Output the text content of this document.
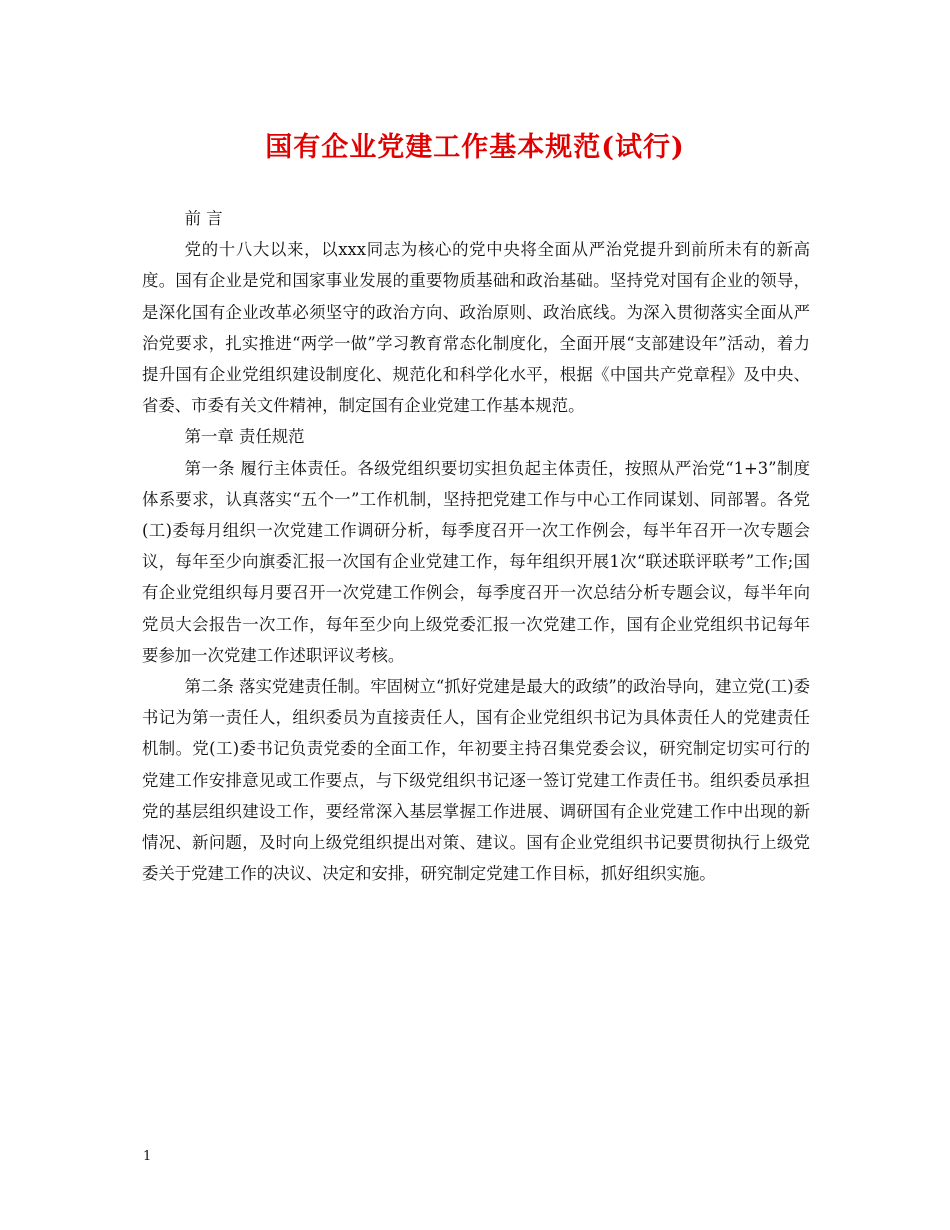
国有企业党建工作基本规范(试行)

前 言

党的十八大以来，以xxx同志为核心的党中央将全面从严治党提升到前所未有的新高度。国有企业是党和国家事业发展的重要物质基础和政治基础。坚持党对国有企业的领导，是深化国有企业改革必须坚守的政治方向、政治原则、政治底线。为深入贯彻落实全面从严治党要求，扎实推进“两学一做”学习教育常态化制度化，全面开展“支部建设年”活动，着力提升国有企业党组织建设制度化、规范化和科学化水平，根据《中国共产党章程》及中央、省委、市委有关文件精神，制定国有企业党建工作基本规范。

第一章 责任规范

第一条 履行主体责任。各级党组织要切实担负起主体责任，按照从严治党“1+3”制度体系要求，认真落实“五个一”工作机制，坚持把党建工作与中心工作同谋划、同部署。各党(工)委每月组织一次党建工作调研分析，每季度召开一次工作例会，每半年召开一次专题会议，每年至少向旗委汇报一次国有企业党建工作，每年组织开展1次“联述联评联考”工作;国有企业党组织每月要召开一次党建工作例会，每季度召开一次总结分析专题会议，每半年向党员大会报告一次工作，每年至少向上级党委汇报一次党建工作，国有企业党组织书记每年要参加一次党建工作述职评议考核。

第二条 落实党建责任制。牢固树立“抓好党建是最大的政绩”的政治导向，建立党(工)委书记为第一责任人，组织委员为直接责任人，国有企业党组织书记为具体责任人的党建责任机制。党(工)委书记负责党委的全面工作，年初要主持召集党委会议，研究制定切实可行的党建工作安排意见或工作要点，与下级党组织书记逐一签订党建工作责任书。组织委员承担党的基层组织建设工作，要经常深入基层掌握工作进展、调研国有企业党建工作中出现的新情况、新问题，及时向上级党组织提出对策、建议。国有企业党组织书记要贯彻执行上级党委关于党建工作的决议、决定和安排，研究制定党建工作目标，抓好组织实施。

1
